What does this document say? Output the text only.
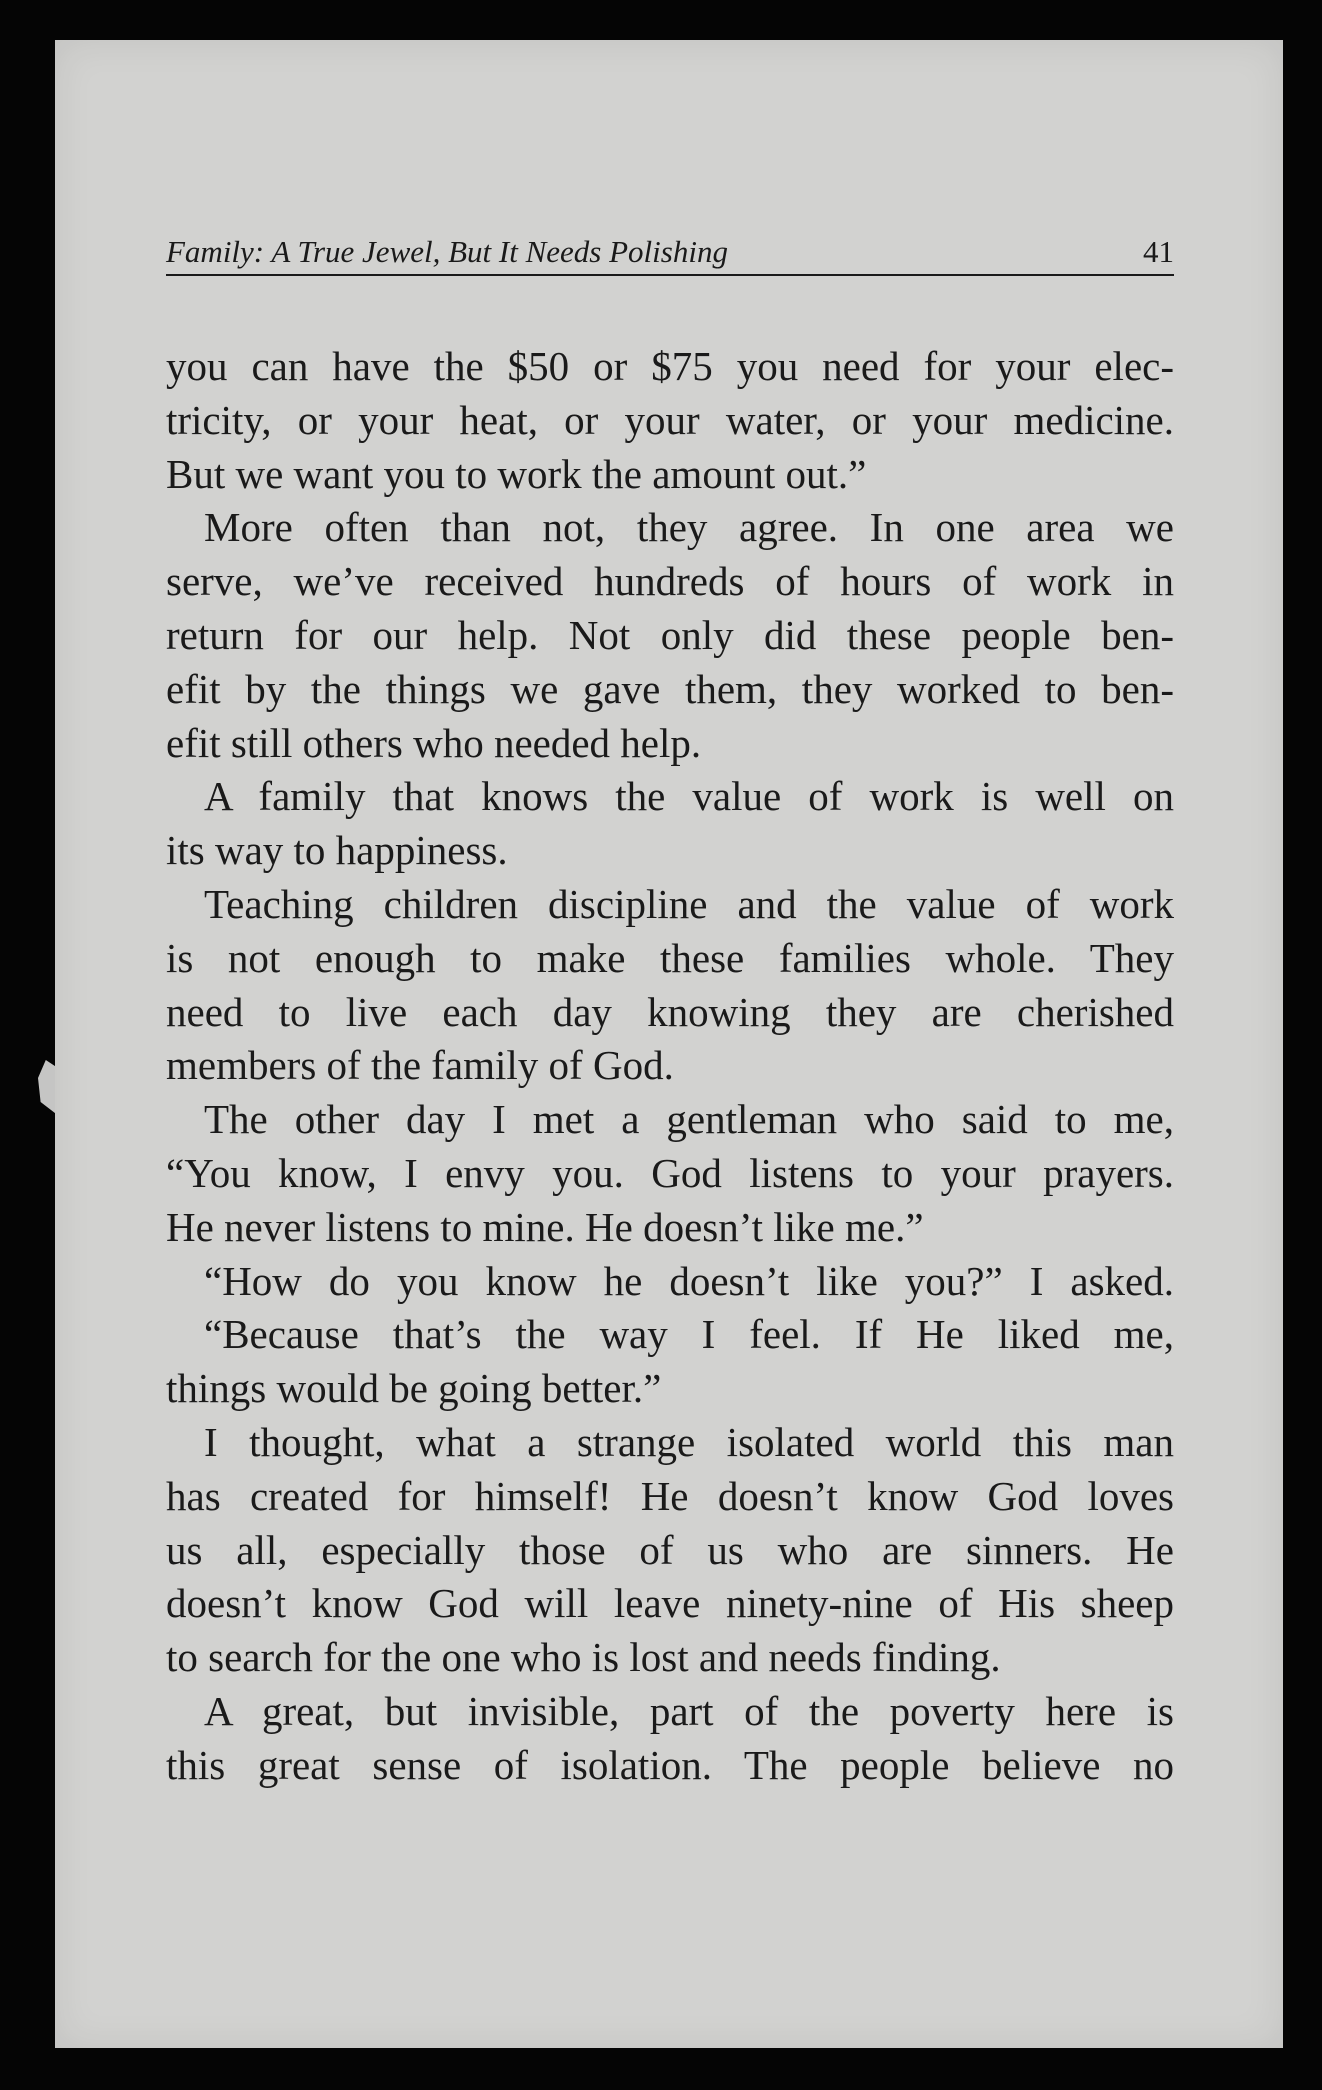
Family: A True Jewel, But It Needs Polishing	41
you can have the $50 or $75 you need for your elec-
tricity, or your heat, or your water, or your medicine.
But we want you to work the amount out.”
More often than not, they agree. In one area we
serve, we’ve received hundreds of hours of work in
return for our help. Not only did these people ben-
efit by the things we gave them, they worked to ben-
efit still others who needed help.
A family that knows the value of work is well on
its way to happiness.
Teaching children discipline and the value of work
is not enough to make these families whole. They
need to live each day knowing they are cherished
members of the family of God.
The other day I met a gentleman who said to me,
“You know, I envy you. God listens to your prayers.
He never listens to mine. He doesn’t like me.”
“How do you know he doesn’t like you?” I asked.
“Because that’s the way I feel. If He liked me,
things would be going better.”
I thought, what a strange isolated world this man
has created for himself! He doesn’t know God loves
us all, especially those of us who are sinners. He
doesn’t know God will leave ninety-nine of His sheep
to search for the one who is lost and needs finding.
A great, but invisible, part of the poverty here is
this great sense of isolation. The people believe no
